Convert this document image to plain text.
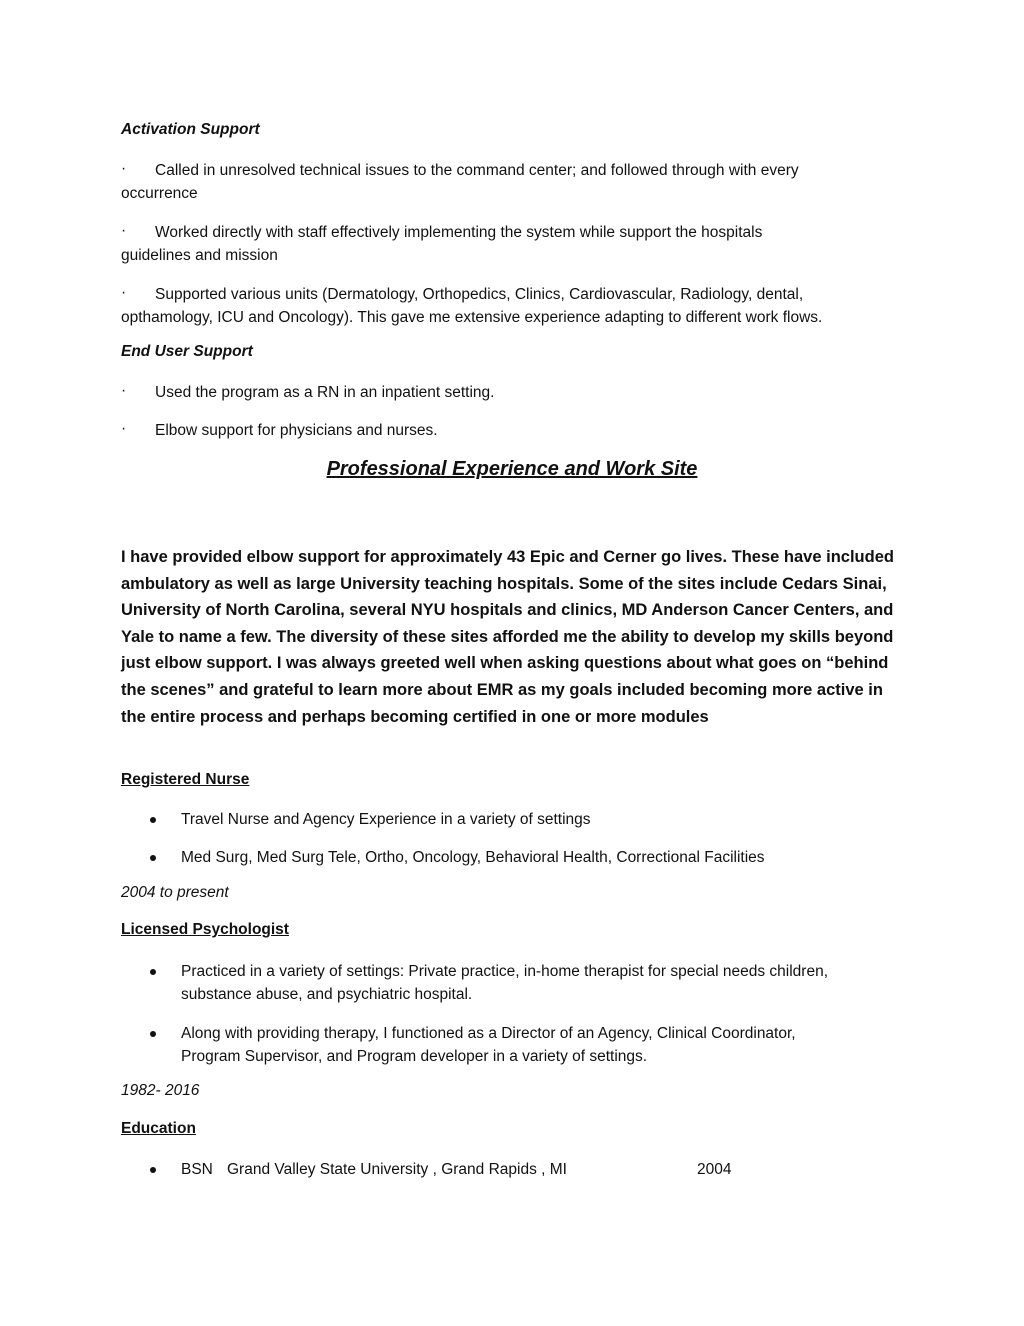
Activation Support
· Called in unresolved technical issues to the command center; and followed through with every
occurrence
· Worked directly with staff effectively implementing the system while support the hospitals
guidelines and mission
· Supported various units (Dermatology, Orthopedics, Clinics, Cardiovascular, Radiology, dental,
opthamology, ICU and Oncology). This gave me extensive experience adapting to different work flows.
End User Support
· Used the program as a RN in an inpatient setting.
· Elbow support for physicians and nurses.
Professional Experience and Work Site
I have provided elbow support for approximately 43 Epic and Cerner go lives. These have included ambulatory as well as large University teaching hospitals. Some of the sites include Cedars Sinai, University of North Carolina, several NYU hospitals and clinics, MD Anderson Cancer Centers, and Yale to name a few. The diversity of these sites afforded me the ability to develop my skills beyond just elbow support. I was always greeted well when asking questions about what goes on “behind the scenes” and grateful to learn more about EMR as my goals included becoming more active in the entire process and perhaps becoming certified in one or more modules
Registered Nurse
Travel Nurse and Agency Experience in a variety of settings
Med Surg, Med Surg Tele, Ortho, Oncology, Behavioral Health, Correctional Facilities
2004 to present
Licensed Psychologist
Practiced in a variety of settings: Private practice, in-home therapist for special needs children,
substance abuse, and psychiatric hospital.
Along with providing therapy, I functioned as a Director of an Agency, Clinical Coordinator,
Program Supervisor, and Program developer in a variety of settings.
1982- 2016
Education
BSN Grand Valley State University , Grand Rapids , MI	2004
